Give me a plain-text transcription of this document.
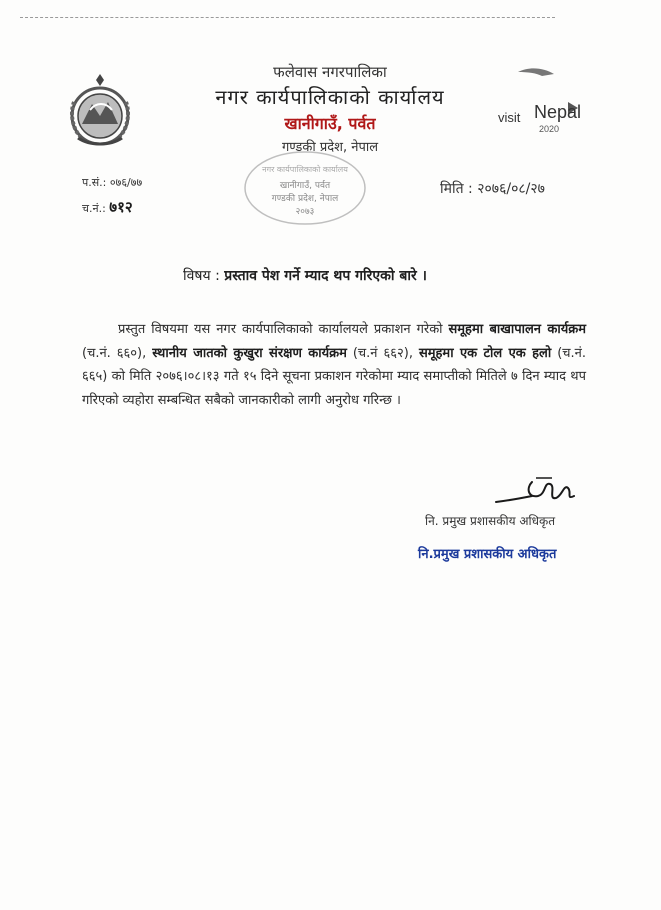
फलेवास नगरपालिका
नगर कार्यपालिकाको कार्यालय
खानीगाउँ, पर्वत
गण्डकी प्रदेश, नेपाल
नगर कार्यपालिकाको कार्यालय
खानीगाउँ, पर्वत
गण्डकी प्रदेश, नेपाल
२०७३
visit Nepal
2020
प.सं.: ०७६/७७
च.नं.: ७१२
मिति : २०७६/०८/२७
विषय : प्रस्ताव पेश गर्ने म्याद थप गरिएको बारे ।
प्रस्तुत विषयमा यस नगर कार्यपालिकाको कार्यालयले प्रकाशन गरेको समूहमा बाखापालन कार्यक्रम (च.नं. ६६०), स्थानीय जातको कुखुरा संरक्षण कार्यक्रम (च.नं ६६२), समूहमा एक टोल एक हलो (च.नं. ६६५) को मिति २०७६।०८।१३ गते १५ दिने सूचना प्रकाशन गरेकोमा म्याद समाप्तीको मितिले ७ दिन म्याद थप गरिएको व्यहोरा सम्बन्धित सबैको जानकारीको लागी अनुरोध गरिन्छ ।
नि. प्रमुख प्रशासकीय अधिकृत
नि.प्रमुख प्रशासकीय अधिकृत
